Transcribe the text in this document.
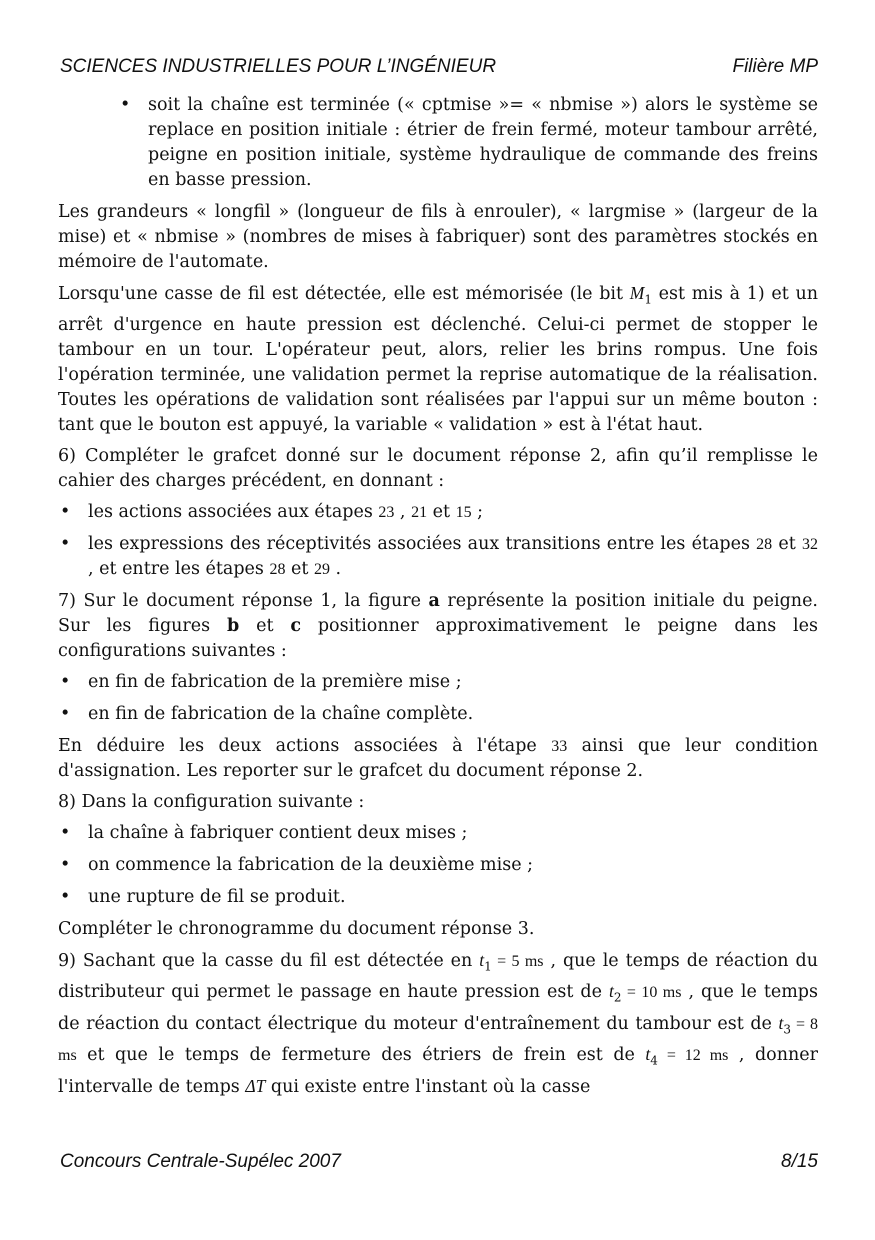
SCIENCES INDUSTRIELLES POUR L’INGÉNIEUR	Filière MP
• soit la chaîne est terminée (« cptmise »= « nbmise ») alors le système se replace en position initiale : étrier de frein fermé, moteur tambour arrêté, peigne en position initiale, système hydraulique de commande des freins en basse pression.

Les grandeurs « longfil » (longueur de fils à enrouler), « largmise » (largeur de la mise) et « nbmise » (nombres de mises à fabriquer) sont des paramètres stockés en mémoire de l'automate.

Lorsqu'une casse de fil est détectée, elle est mémorisée (le bit $M_1$ est mis à 1) et un arrêt d'urgence en haute pression est déclenché. Celui-ci permet de stopper le tambour en un tour. L'opérateur peut, alors, relier les brins rompus. Une fois l'opération terminée, une validation permet la reprise automatique de la réalisation. Toutes les opérations de validation sont réalisées par l'appui sur un même bouton : tant que le bouton est appuyé, la variable « validation » est à l'état haut.

6) Compléter le grafcet donné sur le document réponse 2, afin qu’il remplisse le cahier des charges précédent, en donnant :

• les actions associées aux étapes 23 , 21 et 15 ;
• les expressions des réceptivités associées aux transitions entre les étapes 28 et 32 , et entre les étapes 28 et 29 .

7) Sur le document réponse 1, la figure a représente la position initiale du peigne. Sur les figures b et c positionner approximativement le peigne dans les configurations suivantes :

• en fin de fabrication de la première mise ;
• en fin de fabrication de la chaîne complète.

En déduire les deux actions associées à l'étape 33 ainsi que leur condition d'assignation. Les reporter sur le grafcet du document réponse 2.

8) Dans la configuration suivante :

• la chaîne à fabriquer contient deux mises ;
• on commence la fabrication de la deuxième mise ;
• une rupture de fil se produit.

Compléter le chronogramme du document réponse 3.

9) Sachant que la casse du fil est détectée en $t_1 = 5$ ms , que le temps de réaction du distributeur qui permet le passage en haute pression est de $t_2 = 10$ ms , que le temps de réaction du contact électrique du moteur d'entraînement du tambour est de $t_3 = 8$ ms et que le temps de fermeture des étriers de frein est de $t_4 = 12$ ms , donner l'intervalle de temps ΔT qui existe entre l'instant où la casse

Concours Centrale-Supélec 2007	8/15
